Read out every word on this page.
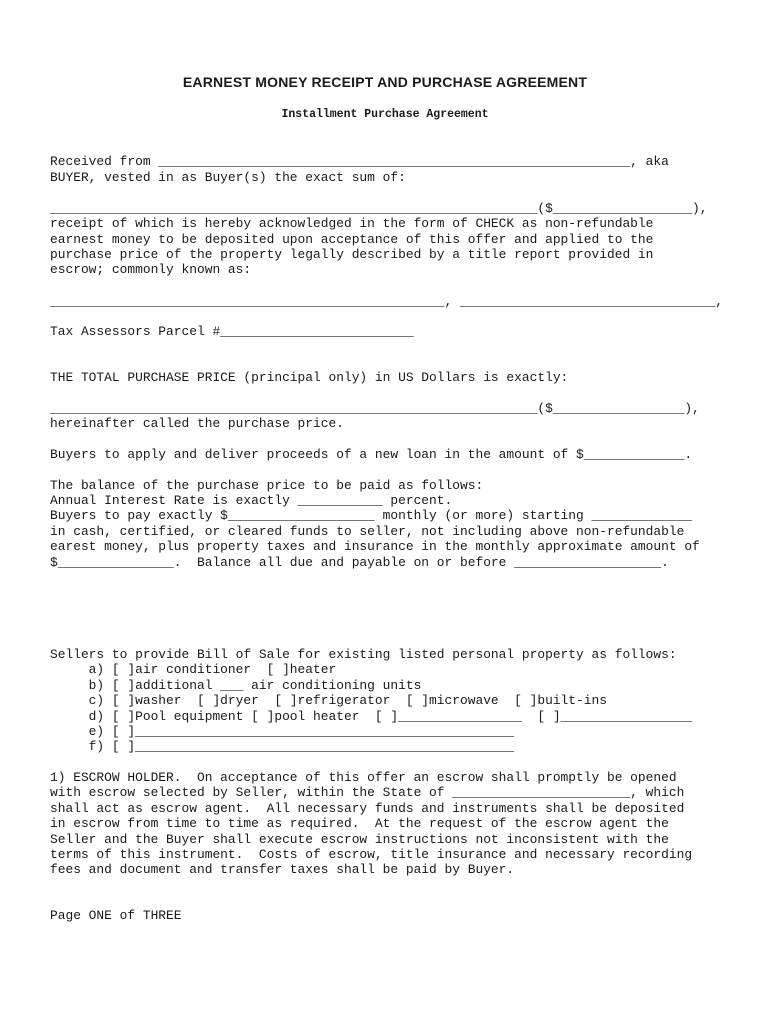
EARNEST MONEY RECEIPT AND PURCHASE AGREEMENT
Installment Purchase Agreement
Received from _____________________________________________________________, aka
BUYER, vested in as Buyer(s) the exact sum of:
_______________________________________________________________($__________________),
receipt of which is hereby acknowledged in the form of CHECK as non-refundable
earnest money to be deposited upon acceptance of this offer and applied to the
purchase price of the property legally described by a title report provided in
escrow; commonly known as:
___________________________________________________, _________________________________,
Tax Assessors Parcel #_________________________
THE TOTAL PURCHASE PRICE (principal only) in US Dollars is exactly:
_______________________________________________________________($_________________),
hereinafter called the purchase price.
Buyers to apply and deliver proceeds of a new loan in the amount of $_____________.
The balance of the purchase price to be paid as follows:
Annual Interest Rate is exactly ___________ percent.
Buyers to pay exactly $___________________ monthly (or more) starting _____________
in cash, certified, or cleared funds to seller, not including above non-refundable
earest money, plus property taxes and insurance in the monthly approximate amount of
$_______________.  Balance all due and payable on or before ___________________.
Sellers to provide Bill of Sale for existing listed personal property as follows:
a) [ ]air conditioner  [ ]heater
b) [ ]additional ___ air conditioning units
c) [ ]washer  [ ]dryer  [ ]refrigerator  [ ]microwave  [ ]built-ins
d) [ ]Pool equipment [ ]pool heater  [ ]________________  [ ]_________________
e) [ ]_________________________________________________
f) [ ]_________________________________________________
1) ESCROW HOLDER.  On acceptance of this offer an escrow shall promptly be opened
with escrow selected by Seller, within the State of _______________________, which
shall act as escrow agent.  All necessary funds and instruments shall be deposited
in escrow from time to time as required.  At the request of the escrow agent the
Seller and the Buyer shall execute escrow instructions not inconsistent with the
terms of this instrument.  Costs of escrow, title insurance and necessary recording
fees and document and transfer taxes shall be paid by Buyer.
Page ONE of THREE
